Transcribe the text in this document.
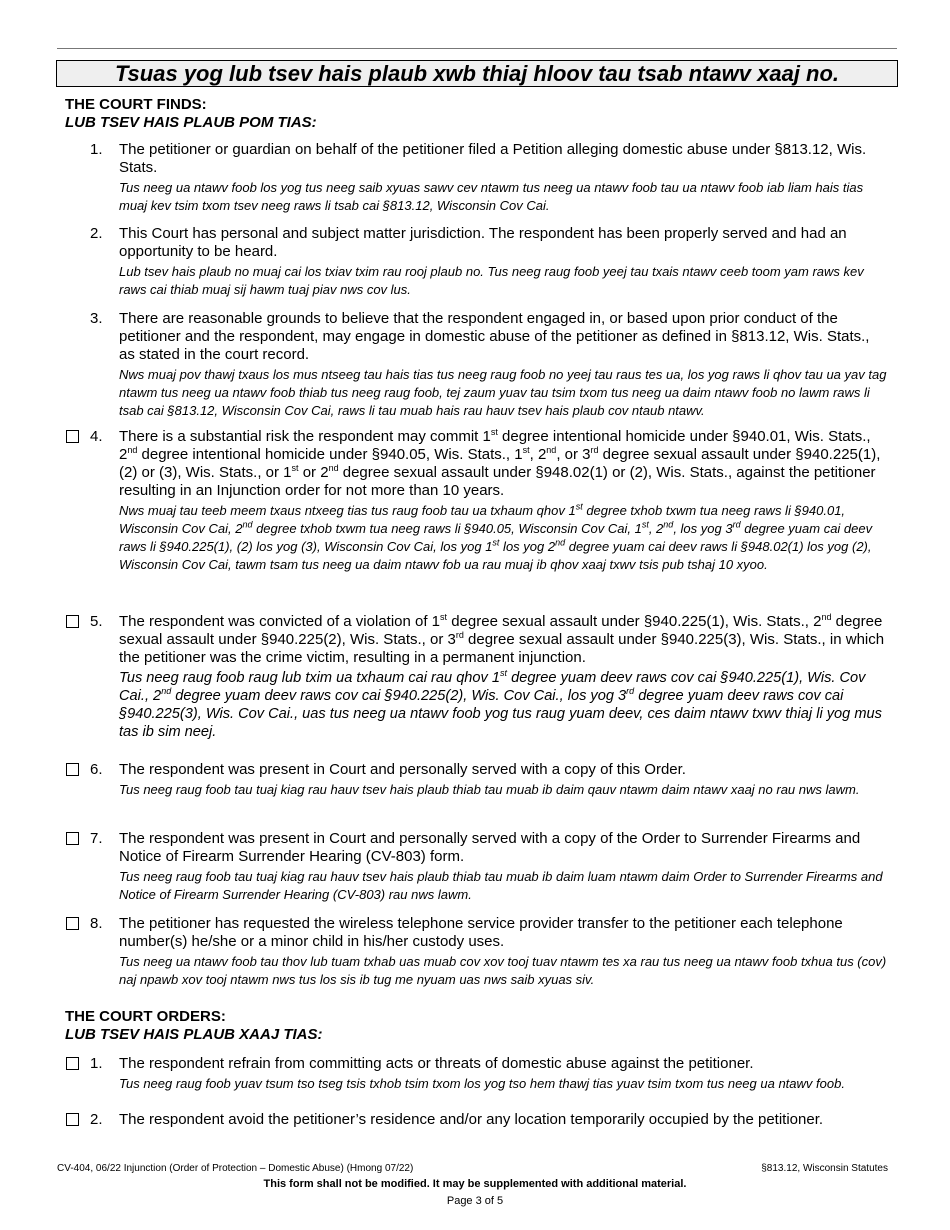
Tsuas yog lub tsev hais plaub xwb thiaj hloov tau tsab ntawv xaaj no.
THE COURT FINDS:
LUB TSEV HAIS PLAUB POM TIAS:
1. The petitioner or guardian on behalf of the petitioner filed a Petition alleging domestic abuse under §813.12, Wis. Stats.
Tus neeg ua ntawv foob los yog tus neeg saib xyuas sawv cev ntawm tus neeg ua ntawv foob tau ua ntawv foob iab liam hais tias muaj kev tsim txom tsev neeg raws li tsab cai §813.12, Wisconsin Cov Cai.
2. This Court has personal and subject matter jurisdiction. The respondent has been properly served and had an opportunity to be heard.
Lub tsev hais plaub no muaj cai los txiav txim rau rooj plaub no. Tus neeg raug foob yeej tau txais ntawv ceeb toom yam raws kev raws cai thiab muaj sij hawm tuaj piav nws cov lus.
3. There are reasonable grounds to believe that the respondent engaged in, or based upon prior conduct of the petitioner and the respondent, may engage in domestic abuse of the petitioner as defined in §813.12, Wis. Stats., as stated in the court record.
Nws muaj pov thawj txaus los mus ntseeg tau hais tias tus neeg raug foob no yeej tau raus tes ua, los yog raws li qhov tau ua yav tag ntawm tus neeg ua ntawv foob thiab tus neeg raug foob, tej zaum yuav tau tsim txom tus neeg ua daim ntawv foob no lawm raws li tsab cai §813.12, Wisconsin Cov Cai, raws li tau muab hais rau hauv tsev hais plaub cov ntaub ntawv.
4. There is a substantial risk the respondent may commit 1st degree intentional homicide under §940.01, Wis. Stats., 2nd degree intentional homicide under §940.05, Wis. Stats., 1st, 2nd, or 3rd degree sexual assault under §940.225(1), (2) or (3), Wis. Stats., or 1st or 2nd degree sexual assault under §948.02(1) or (2), Wis. Stats., against the petitioner resulting in an Injunction order for not more than 10 years.
Nws muaj tau teeb meem txaus ntxeeg tias tus raug foob tau ua txhaum qhov 1st degree txhob txwm tua neeg raws li §940.01, Wisconsin Cov Cai, 2nd degree txhob txwm tua neeg raws li §940.05, Wisconsin Cov Cai, 1st, 2nd, los yog 3rd degree yuam cai deev raws li §940.225(1), (2) los yog (3), Wisconsin Cov Cai, los yog 1st los yog 2nd degree yuam cai deev raws li §948.02(1) los yog (2), Wisconsin Cov Cai, tawm tsam tus neeg ua daim ntawv fob ua rau muaj ib qhov xaaj txwv tsis pub tshaj 10 xyoo.
5. The respondent was convicted of a violation of 1st degree sexual assault under §940.225(1), Wis. Stats., 2nd degree sexual assault under §940.225(2), Wis. Stats., or 3rd degree sexual assault under §940.225(3), Wis. Stats., in which the petitioner was the crime victim, resulting in a permanent injunction.
Tus neeg raug foob raug lub txim ua txhaum cai rau qhov 1st degree yuam deev raws cov cai §940.225(1), Wis. Cov Cai., 2nd degree yuam deev raws cov cai §940.225(2), Wis. Cov Cai., los yog 3rd degree yuam deev raws cov cai §940.225(3), Wis. Cov Cai., uas tus neeg ua ntawv foob yog tus raug yuam deev, ces daim ntawv txwv thiaj li yog mus tas ib sim neej.
6. The respondent was present in Court and personally served with a copy of this Order.
Tus neeg raug foob tau tuaj kiag rau hauv tsev hais plaub thiab tau muab ib daim qauv ntawm daim ntawv xaaj no rau nws lawm.
7. The respondent was present in Court and personally served with a copy of the Order to Surrender Firearms and Notice of Firearm Surrender Hearing (CV-803) form.
Tus neeg raug foob tau tuaj kiag rau hauv tsev hais plaub thiab tau muab ib daim luam ntawm daim Order to Surrender Firearms and Notice of Firearm Surrender Hearing (CV-803) rau nws lawm.
8. The petitioner has requested the wireless telephone service provider transfer to the petitioner each telephone number(s) he/she or a minor child in his/her custody uses.
Tus neeg ua ntawv foob tau thov lub tuam txhab uas muab cov xov tooj tuav ntawm tes xa rau tus neeg ua ntawv foob txhua tus (cov) naj npawb xov tooj ntawm nws tus los sis ib tug me nyuam uas nws saib xyuas siv.
THE COURT ORDERS:
LUB TSEV HAIS PLAUB XAAJ TIAS:
1. The respondent refrain from committing acts or threats of domestic abuse against the petitioner.
Tus neeg raug foob yuav tsum tso tseg tsis txhob tsim txom los yog tso hem thawj tias yuav tsim txom tus neeg ua ntawv foob.
2. The respondent avoid the petitioner’s residence and/or any location temporarily occupied by the petitioner.
CV-404, 06/22 Injunction (Order of Protection – Domestic Abuse) (Hmong 07/22)	§813.12, Wisconsin Statutes
This form shall not be modified. It may be supplemented with additional material.
Page 3 of 5
